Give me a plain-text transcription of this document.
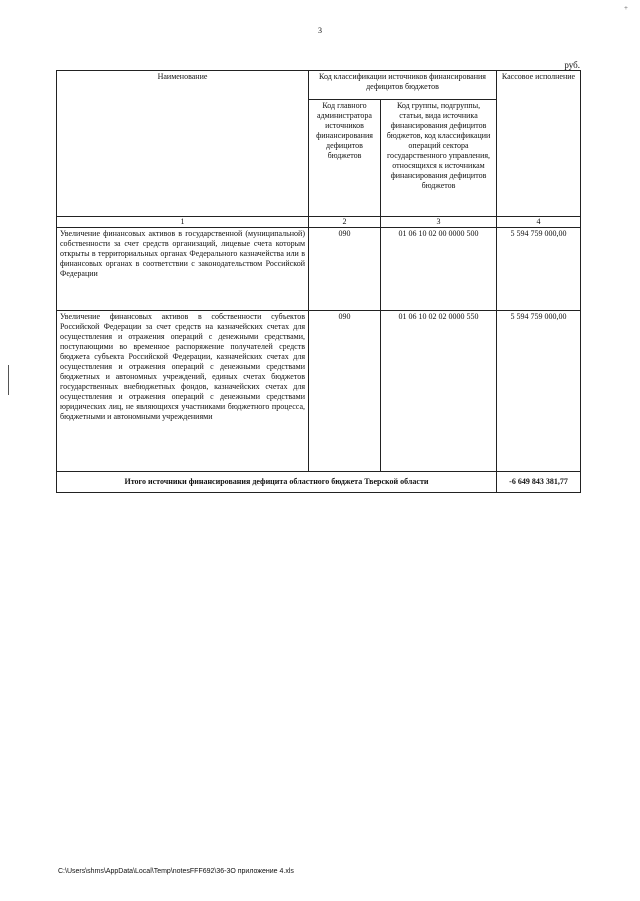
3
+
руб.
Наименование	Код классификации источников финансирования дефицитов бюджетов		Кассовое исполнение
	Код главного администратора источников финансирования дефицитов бюджетов	Код группы, подгруппы, статьи, вида источника финансирования дефицитов бюджетов, код классификации операций сектора государственного управления, относящихся к источникам финансирования дефицитов бюджетов	
1	2	3	4
Увеличение финансовых активов в государственной (муниципальной) собственности за счет средств организаций, лицевые счета которым открыты в территориальных органах Федерального казначейства или в финансовых органах в соответствии с законодательством Российской Федерации	090	01 06 10 02 00 0000 500	5 594 759 000,00
Увеличение финансовых активов в собственности субъектов Российской Федерации за счет средств на казначейских счетах для осуществления и отражения операций с денежными средствами, поступающими во временное распоряжение получателей средств бюджета субъекта Российской Федерации, казначейских счетах для осуществления и отражения операций с денежными средствами бюджетных и автономных учреждений, единых счетах бюджетов государственных внебюджетных фондов, казначейских счетах для осуществления и отражения операций с денежными средствами юридических лиц, не являющихся участниками бюджетного процесса, бюджетными и автономными учреждениями	090	01 06 10 02 02 0000 550	5 594 759 000,00
Итого источники финансирования дефицита областного бюджета Тверской области			-6 649 843 381,77
C:\Users\shms\AppData\Local\Temp\notesFFF692\36-3О приложение 4.xls
